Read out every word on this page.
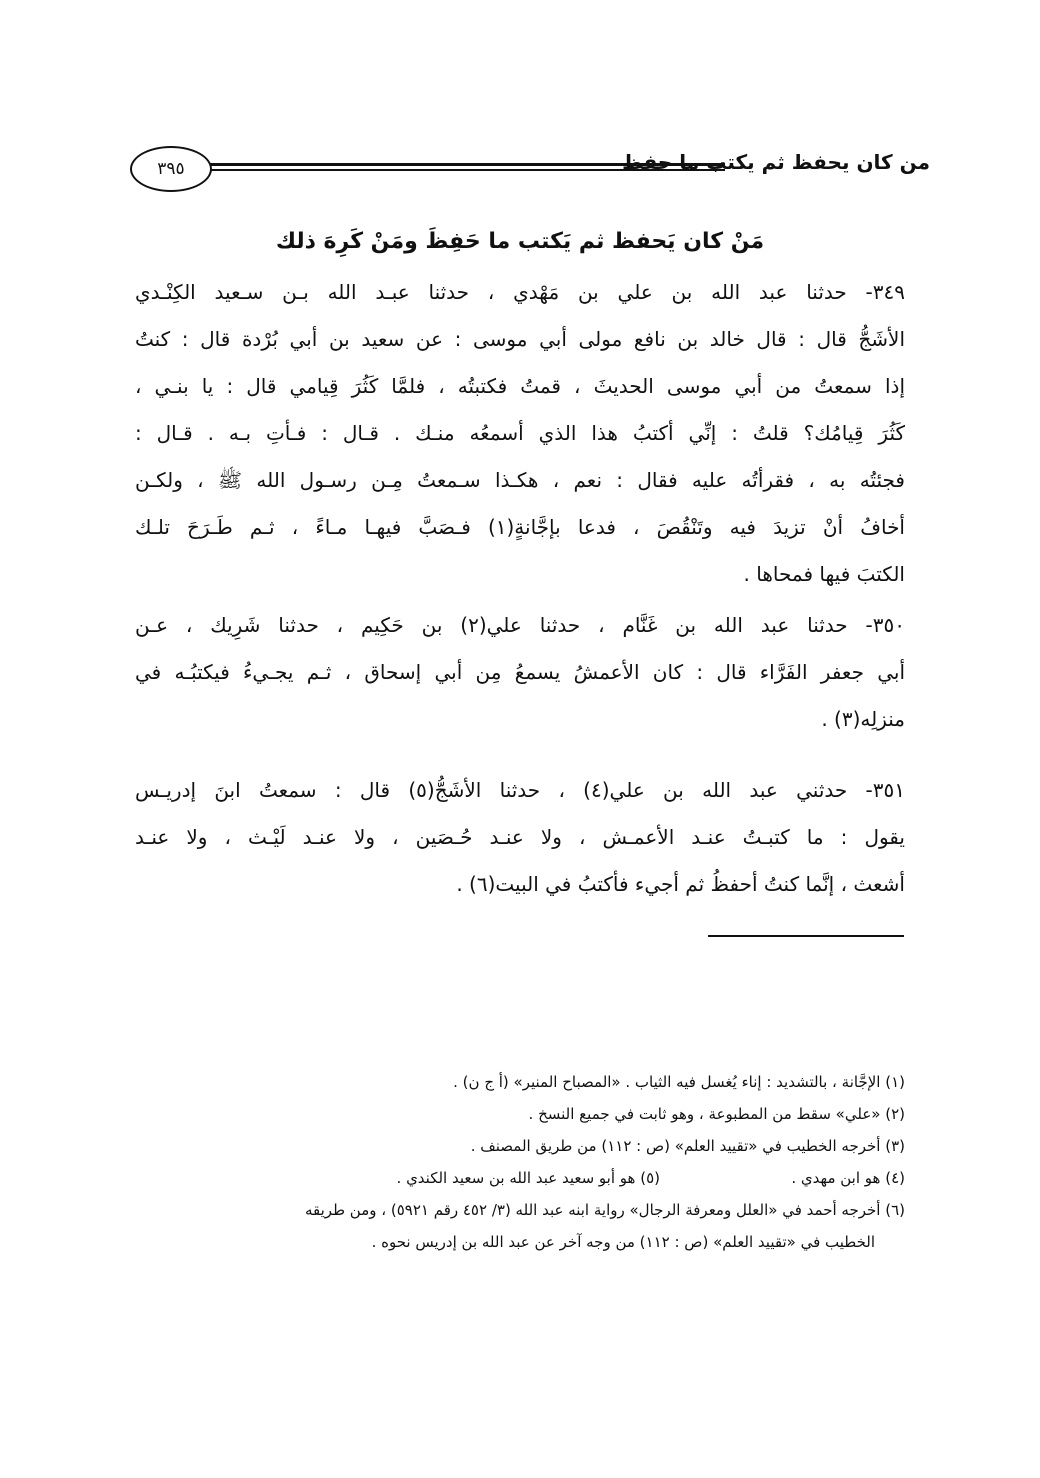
٣٩٥	من كان يحفظ ثم يكتب ما حفظ
مَنْ كان يَحفظ ثم يَكتب ما حَفِظَ ومَنْ كَرِهَ ذلك
٣٤٩- حدثنا عبد الله بن علي بن مَهْدي ، حدثنا عبـد الله بـن سـعيد الكِنْـدي
الأشَجُّ قال : قال خالد بن نافع مولى أبي موسى : عن سعيد بن أبي بُرْدة قال : كنتُ
إذا سمعتُ من أبي موسى الحديثَ ، قمتُ فكتبتُه ، فلمَّا كَثُرَ قِيامي قال : يا بنـي ،
كَثُرَ قِيامُك؟ قلتُ : إنِّي أكتبُ هذا الذي أسمعُه منـك . قـال : فـأتِ بـه . قـال :
فجئتُه به ، فقرأتُه عليه فقال : نعم ، هكـذا سـمعتُ مِـن رسـول الله ﷺ ، ولكـن
أخافُ أنْ تزيدَ فيه وتَنْقُصَ ، فدعا بإجَّانةٍ(١) فـصَبَّ فيهـا مـاءً ، ثـم طَـرَحَ تلـك
الكتبَ فيها فمحاها .
٣٥٠- حدثنا عبد الله بن غَنَّام ، حدثنا علي(٢) بن حَكِيم ، حدثنا شَرِيك ، عـن
أبي جعفر الفَرَّاء قال : كان الأعمشُ يسمعُ مِن أبي إسحاق ، ثـم يجـيءُ فيكتبُـه في
منزلِه(٣) .
٣٥١- حدثني عبد الله بن علي(٤) ، حدثنا الأشَجُّ(٥) قال : سمعتُ ابنَ إدريـس
يقول : ما كتبـتُ عنـد الأعمـش ، ولا عنـد حُـصَين ، ولا عنـد لَيْـث ، ولا عنـد
أشعث ، إنَّما كنتُ أحفظُ ثم أجيء فأكتبُ في البيت(٦) .
(١) الإجَّانة ، بالتشديد : إناء يُغسل فيه الثياب . «المصباح المنير» (أ ج ن) .
(٢) «علي» سقط من المطبوعة ، وهو ثابت في جميع النسخ .
(٣) أخرجه الخطيب في «تقييد العلم» (ص : ١١٢) من طريق المصنف .
(٤) هو ابن مهدي .
(٥) هو أبو سعيد عبد الله بن سعيد الكندي .
(٦) أخرجه أحمد في «العلل ومعرفة الرجال» رواية ابنه عبد الله (٣/ ٤٥٢ رقم ٥٩٢١) ، ومن طريقه
الخطيب في «تقييد العلم» (ص : ١١٢) من وجه آخر عن عبد الله بن إدريس نحوه .
